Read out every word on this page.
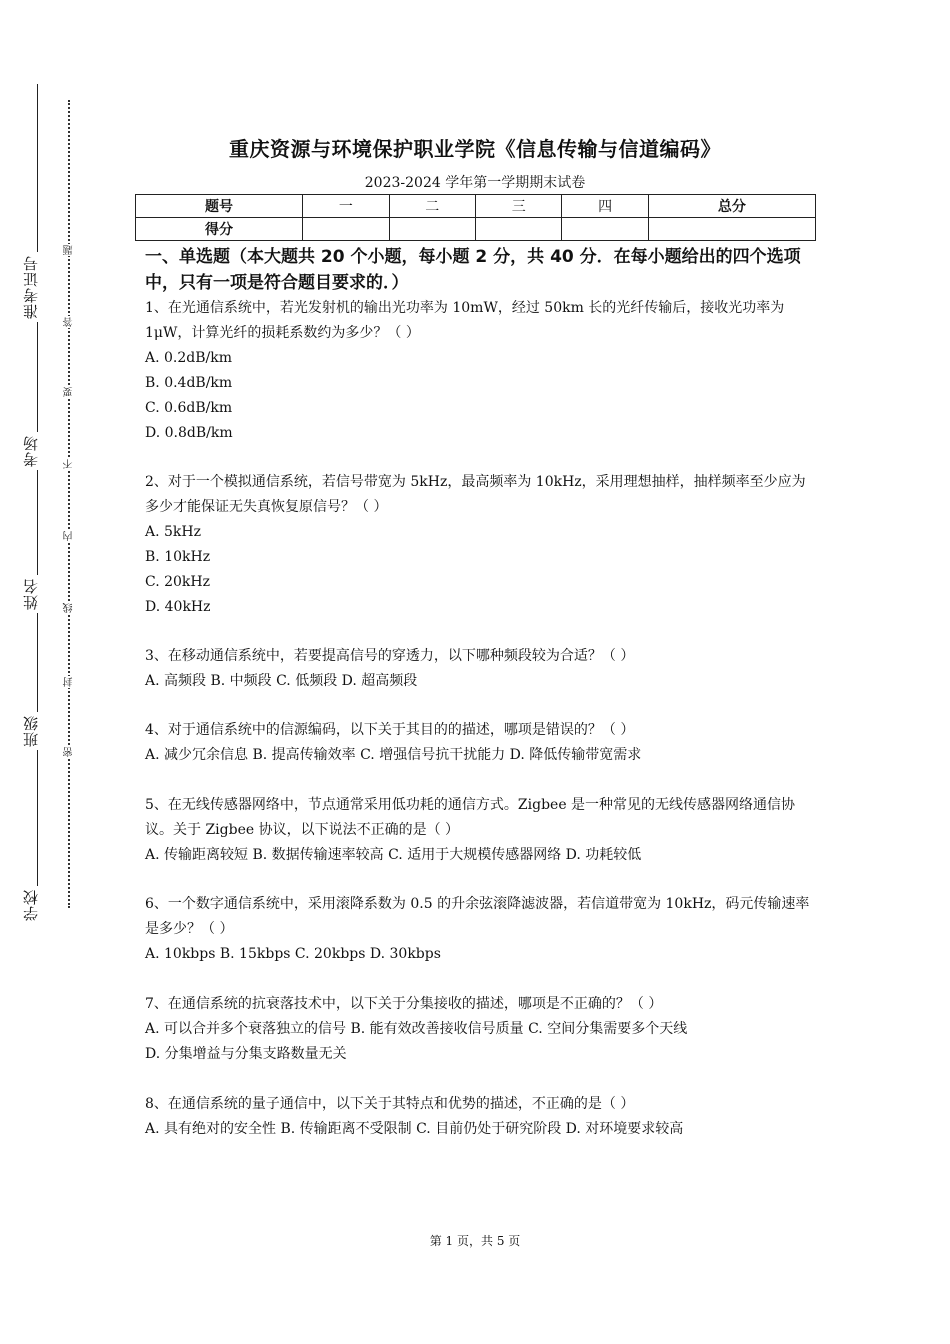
准考证号
考场
姓名
班级
学校
题
答
要
不
内
线
封
密
重庆资源与环境保护职业学院《信息传输与信道编码》
2023-2024 学年第一学期期末试卷
题号	一	二	三	四	总分
得分					
一、单选题（本大题共 20 个小题，每小题 2 分，共 40 分．在每小题给出的四个选项中，只有一项是符合题目要求的．）

1、在光通信系统中，若光发射机的输出光功率为 10mW，经过 50km 长的光纤传输后，接收光功率为 1μW，计算光纤的损耗系数约为多少？（ ）

A. 0.2dB/km

B. 0.4dB/km

C. 0.6dB/km

D. 0.8dB/km

2、对于一个模拟通信系统，若信号带宽为 5kHz，最高频率为 10kHz，采用理想抽样，抽样频率至少应为多少才能保证无失真恢复原信号？（ ）

A. 5kHz

B. 10kHz

C. 20kHz

D. 40kHz

3、在移动通信系统中，若要提高信号的穿透力，以下哪种频段较为合适？（ ）

A. 高频段 B. 中频段 C. 低频段 D. 超高频段

4、对于通信系统中的信源编码，以下关于其目的的描述，哪项是错误的？（ ）

A. 减少冗余信息 B. 提高传输效率 C. 增强信号抗干扰能力 D. 降低传输带宽需求

5、在无线传感器网络中，节点通常采用低功耗的通信方式。Zigbee 是一种常见的无线传感器网络通信协议。关于 Zigbee 协议，以下说法不正确的是（ ）

A. 传输距离较短 B. 数据传输速率较高 C. 适用于大规模传感器网络 D. 功耗较低

6、一个数字通信系统中，采用滚降系数为 0.5 的升余弦滚降滤波器，若信道带宽为 10kHz，码元传输速率是多少？（ ）

A. 10kbps B. 15kbps C. 20kbps D. 30kbps

7、在通信系统的抗衰落技术中，以下关于分集接收的描述，哪项是不正确的？（ ）

A. 可以合并多个衰落独立的信号 B. 能有效改善接收信号质量 C. 空间分集需要多个天线

D. 分集增益与分集支路数量无关

8、在通信系统的量子通信中，以下关于其特点和优势的描述，不正确的是（ ）

A. 具有绝对的安全性 B. 传输距离不受限制 C. 目前仍处于研究阶段 D. 对环境要求较高

第 1 页，共 5 页
